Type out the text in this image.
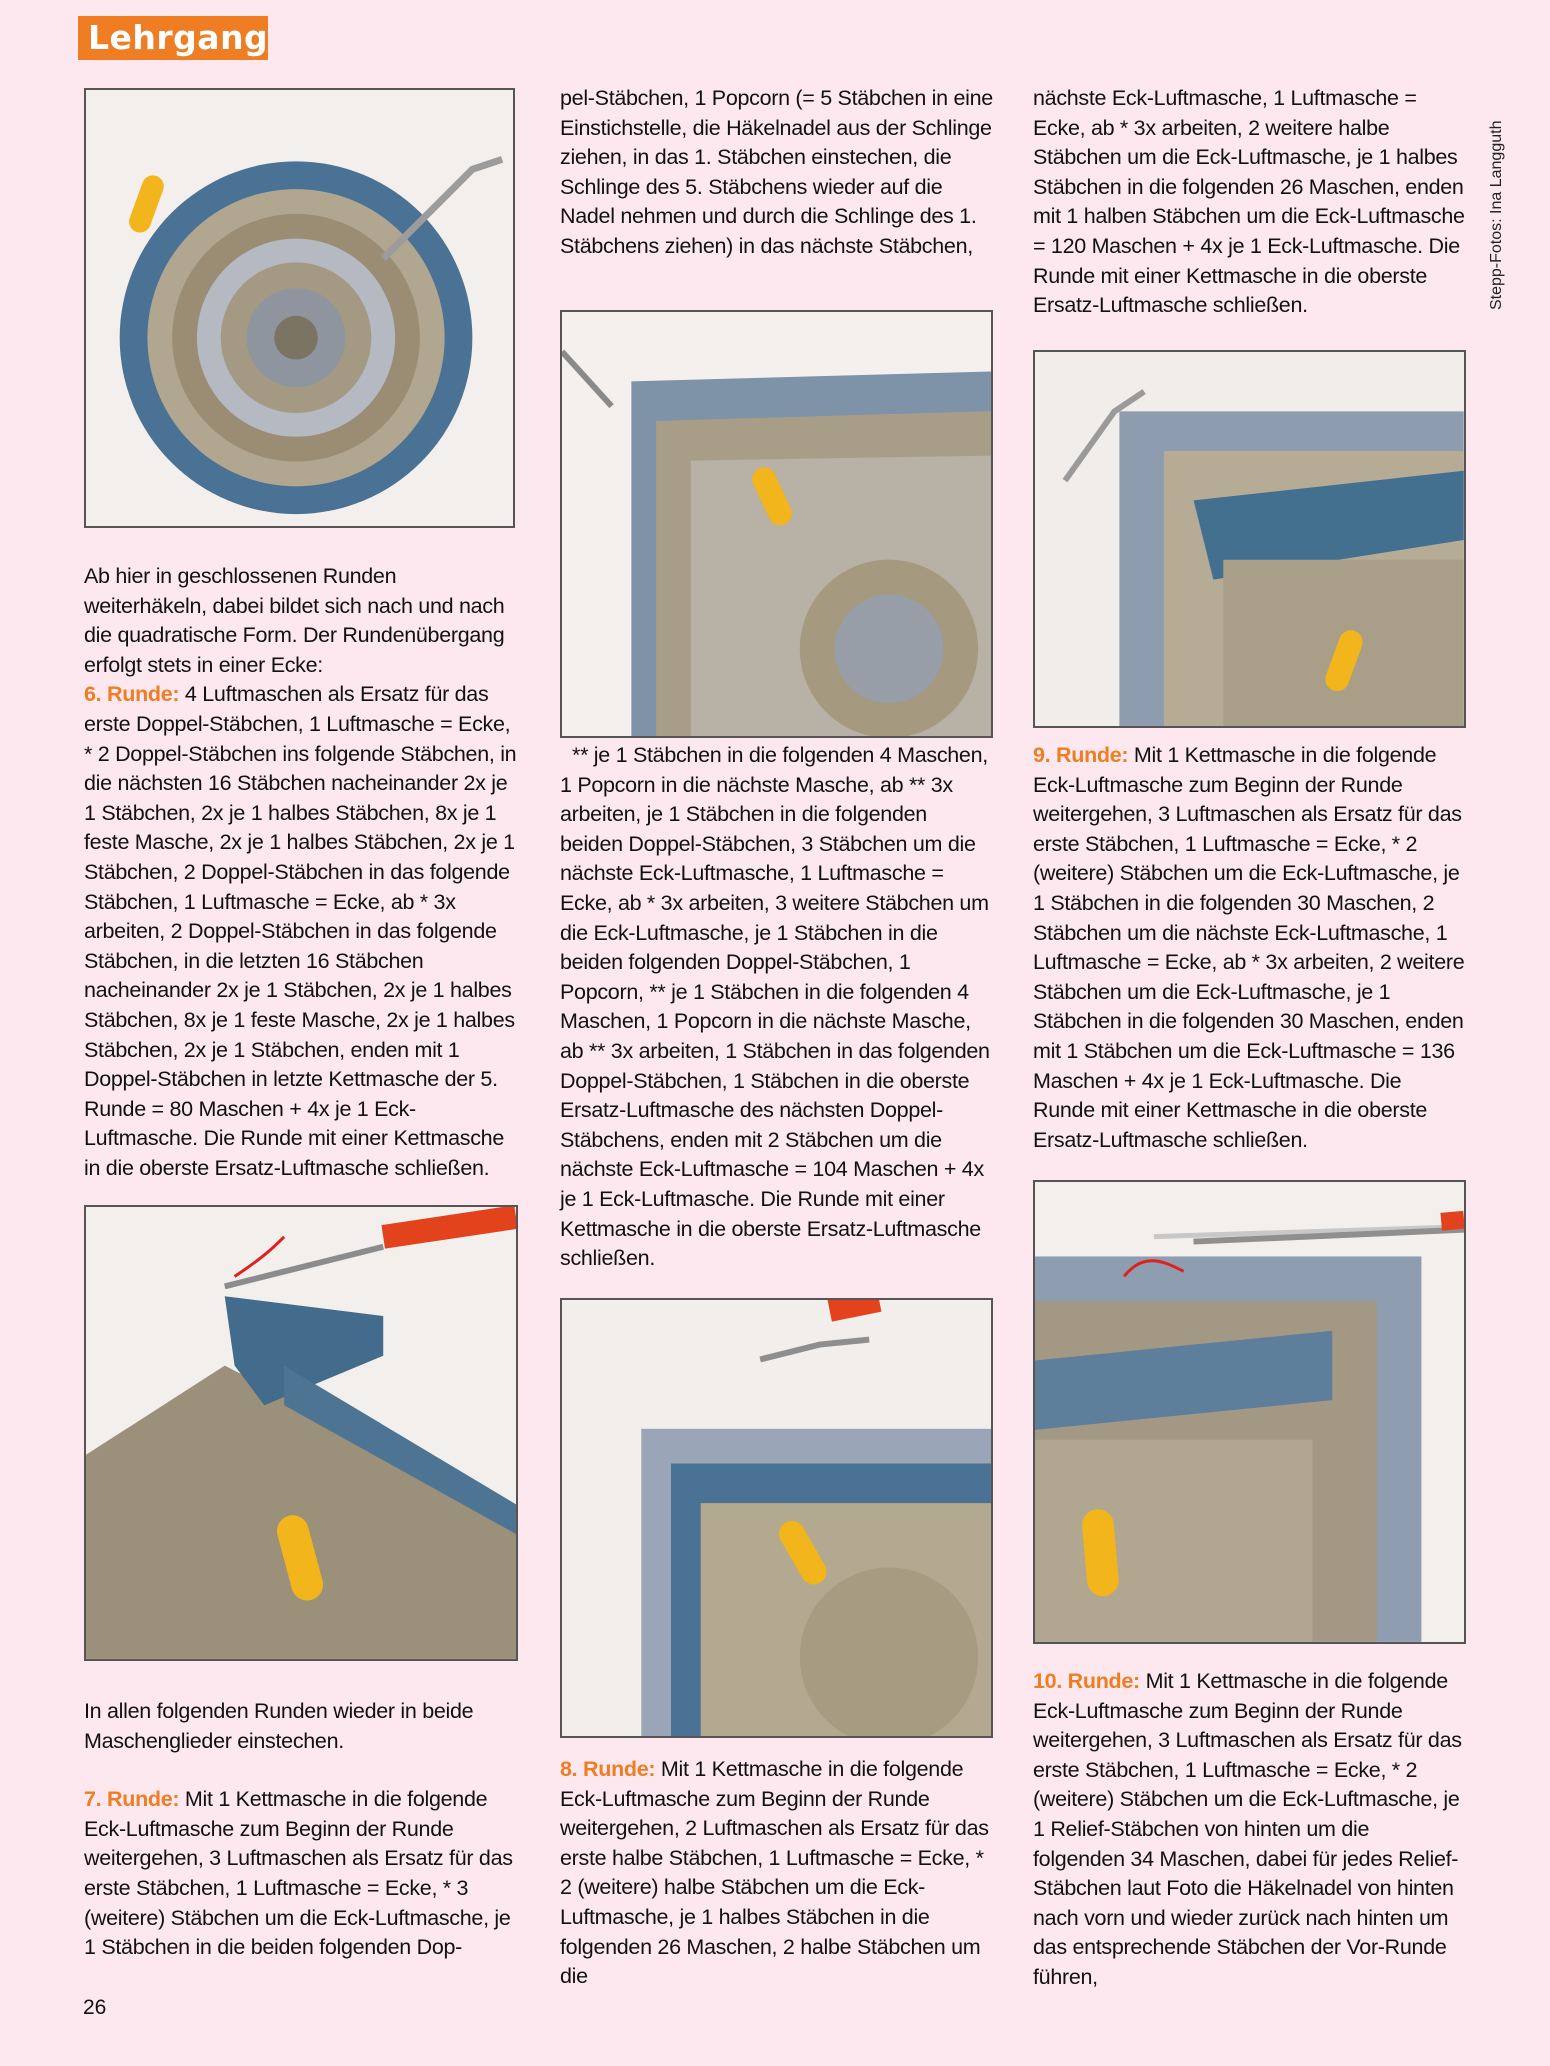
Lehrgang
Stepp-Fotos: Ina Langguth

Ab hier in geschlossenen Runden weiterhäkeln, dabei bildet sich nach und nach die quadratische Form. Der Rundenübergang erfolgt stets in einer Ecke:

6. Runde: 4 Luftmaschen als Ersatz für das erste Doppel-Stäbchen, 1 Luftmasche = Ecke, * 2 Doppel-Stäbchen ins folgende Stäbchen, in die nächsten 16 Stäbchen nacheinander 2x je 1 Stäbchen, 2x je 1 halbes Stäbchen, 8x je 1 feste Masche, 2x je 1 halbes Stäbchen, 2x je 1 Stäbchen, 2 Doppel-Stäbchen in das folgende Stäbchen, 1 Luftmasche = Ecke, ab * 3x arbeiten, 2 Doppel-Stäbchen in das folgende Stäbchen, in die letzten 16 Stäbchen nacheinander 2x je 1 Stäbchen, 2x je 1 halbes Stäbchen, 8x je 1 feste Masche, 2x je 1 halbes Stäbchen, 2x je 1 Stäbchen, enden mit 1 Doppel-Stäbchen in letzte Kettmasche der 5. Runde = 80 Maschen + 4x je 1 Eck-Luftmasche. Die Runde mit einer Kettmasche in die oberste Ersatz-Luftmasche schließen.

In allen folgenden Runden wieder in beide Maschenglieder einstechen.

7. Runde: Mit 1 Kettmasche in die folgende Eck-Luftmasche zum Beginn der Runde weitergehen, 3 Luftmaschen als Ersatz für das erste Stäbchen, 1 Luftmasche = Ecke, * 3 (weitere) Stäbchen um die Eck-Luftmasche, je 1 Stäbchen in die beiden folgenden Dop-

pel-Stäbchen, 1 Popcorn (= 5 Stäbchen in eine Einstichstelle, die Häkelnadel aus der Schlinge ziehen, in das 1. Stäbchen einstechen, die Schlinge des 5. Stäbchens wieder auf die Nadel nehmen und durch die Schlinge des 1. Stäbchens ziehen) in das nächste Stäbchen,

** je 1 Stäbchen in die folgenden 4 Maschen, 1 Popcorn in die nächste Masche, ab ** 3x arbeiten, je 1 Stäbchen in die folgenden beiden Doppel-Stäbchen, 3 Stäbchen um die nächste Eck-Luftmasche, 1 Luftmasche = Ecke, ab * 3x arbeiten, 3 weitere Stäbchen um die Eck-Luftmasche, je 1 Stäbchen in die beiden folgenden Doppel-Stäbchen, 1 Popcorn, ** je 1 Stäbchen in die folgenden 4 Maschen, 1 Popcorn in die nächste Masche, ab ** 3x arbeiten, 1 Stäbchen in das folgenden Doppel-Stäbchen, 1 Stäbchen in die oberste Ersatz-Luftmasche des nächsten Doppel-Stäbchens, enden mit 2 Stäbchen um die nächste Eck-Luftmasche = 104 Maschen + 4x je 1 Eck-Luftmasche. Die Runde mit einer Kettmasche in die oberste Ersatz-Luftmasche schließen.

8. Runde: Mit 1 Kettmasche in die folgende Eck-Luftmasche zum Beginn der Runde weitergehen, 2 Luftmaschen als Ersatz für das erste halbe Stäbchen, 1 Luftmasche = Ecke, * 2 (weitere) halbe Stäbchen um die Eck-Luftmasche, je 1 halbes Stäbchen in die folgenden 26 Maschen, 2 halbe Stäbchen um die

nächste Eck-Luftmasche, 1 Luftmasche = Ecke, ab * 3x arbeiten, 2 weitere halbe Stäbchen um die Eck-Luftmasche, je 1 halbes Stäbchen in die folgenden 26 Maschen, enden mit 1 halben Stäbchen um die Eck-Luftmasche = 120 Maschen + 4x je 1 Eck-Luftmasche. Die Runde mit einer Kettmasche in die oberste Ersatz-Luftmasche schließen.

9. Runde: Mit 1 Kettmasche in die folgende Eck-Luftmasche zum Beginn der Runde weitergehen, 3 Luftmaschen als Ersatz für das erste Stäbchen, 1 Luftmasche = Ecke, * 2 (weitere) Stäbchen um die Eck-Luftmasche, je 1 Stäbchen in die folgenden 30 Maschen, 2 Stäbchen um die nächste Eck-Luftmasche, 1 Luftmasche = Ecke, ab * 3x arbeiten, 2 weitere Stäbchen um die Eck-Luftmasche, je 1 Stäbchen in die folgenden 30 Maschen, enden mit 1 Stäbchen um die Eck-Luftmasche = 136 Maschen + 4x je 1 Eck-Luftmasche. Die Runde mit einer Kettmasche in die oberste Ersatz-Luftmasche schließen.

10. Runde: Mit 1 Kettmasche in die folgende Eck-Luftmasche zum Beginn der Runde weitergehen, 3 Luftmaschen als Ersatz für das erste Stäbchen, 1 Luftmasche = Ecke, * 2 (weitere) Stäbchen um die Eck-Luftmasche, je 1 Relief-Stäbchen von hinten um die folgenden 34 Maschen, dabei für jedes Relief-Stäbchen laut Foto die Häkelnadel von hinten nach vorn und wieder zurück nach hinten um das entsprechende Stäbchen der Vor-Runde führen,

26
